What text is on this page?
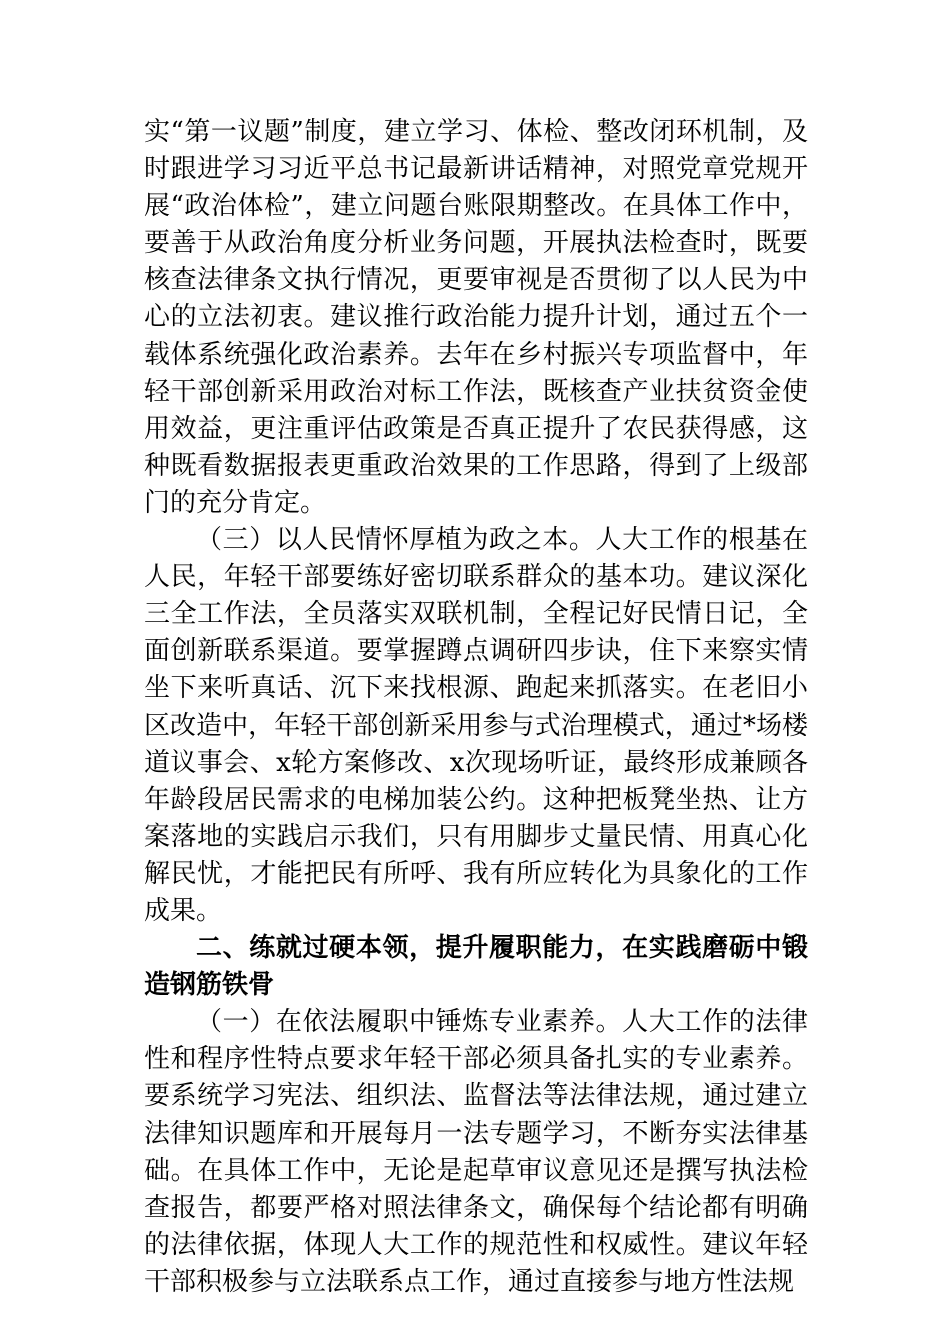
实“第一议题”制度，建立学习、体检、整改闭环机制，及时跟进学习习近平总书记最新讲话精神，对照党章党规开展“政治体检”，建立问题台账限期整改。在具体工作中，要善于从政治角度分析业务问题，开展执法检查时，既要核查法律条文执行情况，更要审视是否贯彻了以人民为中心的立法初衷。建议推行政治能力提升计划，通过五个一载体系统强化政治素养。去年在乡村振兴专项监督中，年轻干部创新采用政治对标工作法，既核查产业扶贫资金使用效益，更注重评估政策是否真正提升了农民获得感，这种既看数据报表更重政治效果的工作思路，得到了上级部门的充分肯定。

（三）以人民情怀厚植为政之本。人大工作的根基在人民，年轻干部要练好密切联系群众的基本功。建议深化三全工作法，全员落实双联机制，全程记好民情日记，全面创新联系渠道。要掌握蹲点调研四步诀，住下来察实情坐下来听真话、沉下来找根源、跑起来抓落实。在老旧小区改造中，年轻干部创新采用参与式治理模式，通过*场楼道议事会、x轮方案修改、x次现场听证，最终形成兼顾各年龄段居民需求的电梯加装公约。这种把板凳坐热、让方案落地的实践启示我们，只有用脚步丈量民情、用真心化解民忧，才能把民有所呼、我有所应转化为具象化的工作成果。

二、练就过硬本领，提升履职能力，在实践磨砺中锻造钢筋铁骨

（一）在依法履职中锤炼专业素养。人大工作的法律性和程序性特点要求年轻干部必须具备扎实的专业素养。要系统学习宪法、组织法、监督法等法律法规，通过建立法律知识题库和开展每月一法专题学习，不断夯实法律基础。在具体工作中，无论是起草审议意见还是撰写执法检查报告，都要严格对照法律条文，确保每个结论都有明确的法律依据，体现人大工作的规范性和权威性。建议年轻干部积极参与立法联系点工作，通过直接参与地方性法规
